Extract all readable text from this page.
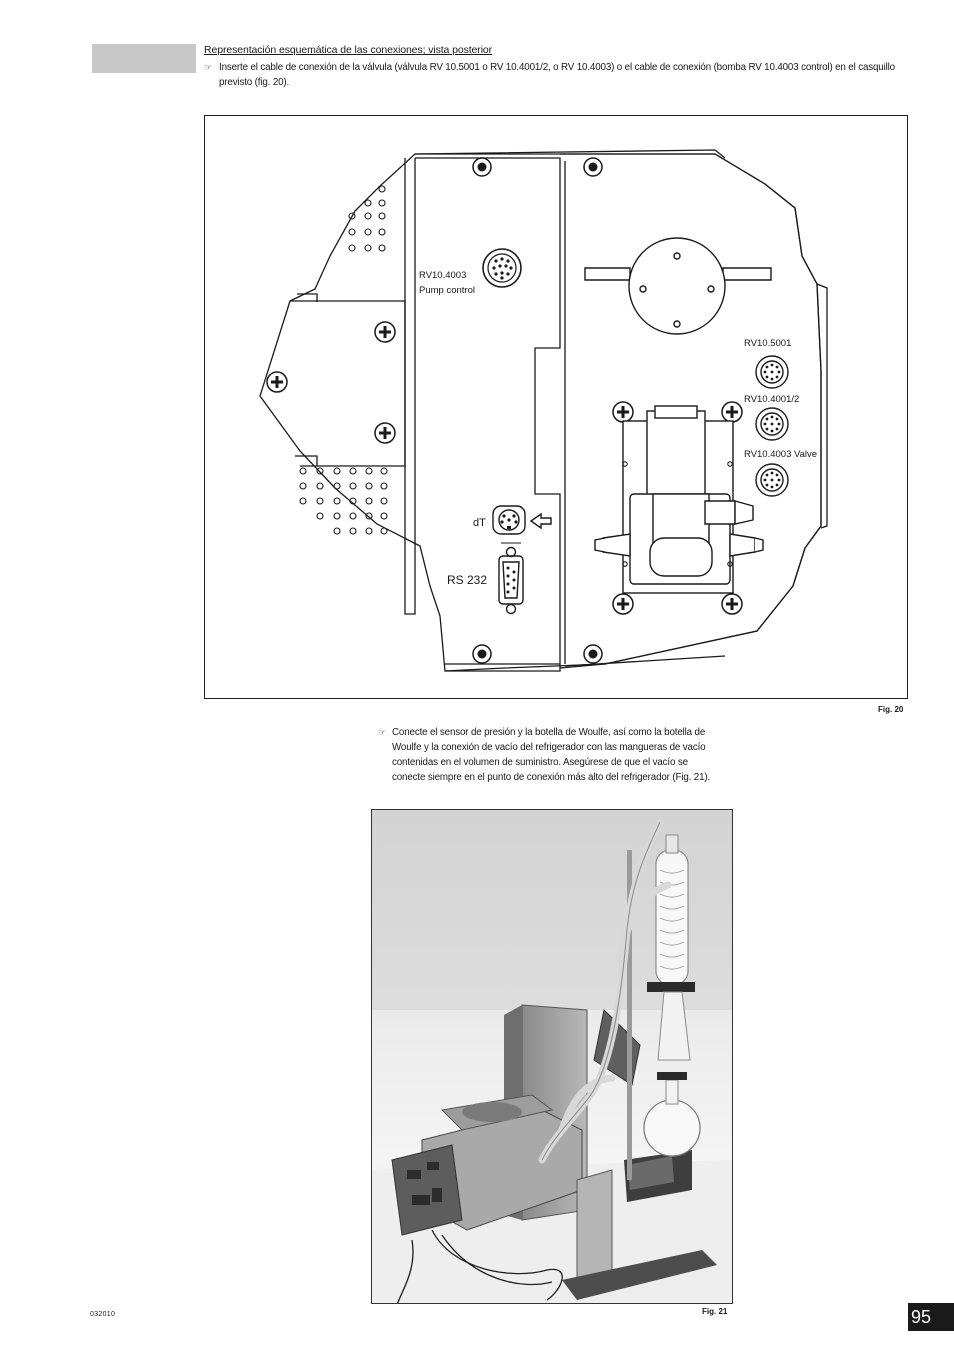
Representación esquemática de las conexiones; vista posterior
☞ Inserte el cable de conexión de la válvula (válvula RV 10.5001 o RV 10.4001/2, o RV 10.4003) o el cable de conexión (bomba RV 10.4003 control) en el casquillo previsto (fig. 20).
RV10.4003
Pump control
RV10.5001
RV10.4001/2
RV10.4003 Valve
dT
RS 232
Fig. 20
☞ Conecte el sensor de presión y la botella de Woulfe, así como la botella de Woulfe y la conexión de vacío del refrigerador con las mangueras de vacío contenidas en el volumen de suministro. Asegúrese de que el vacío se conecte siempre en el punto de conexión más alto del refrigerador (Fig. 21).
Fig. 21
032010	95
